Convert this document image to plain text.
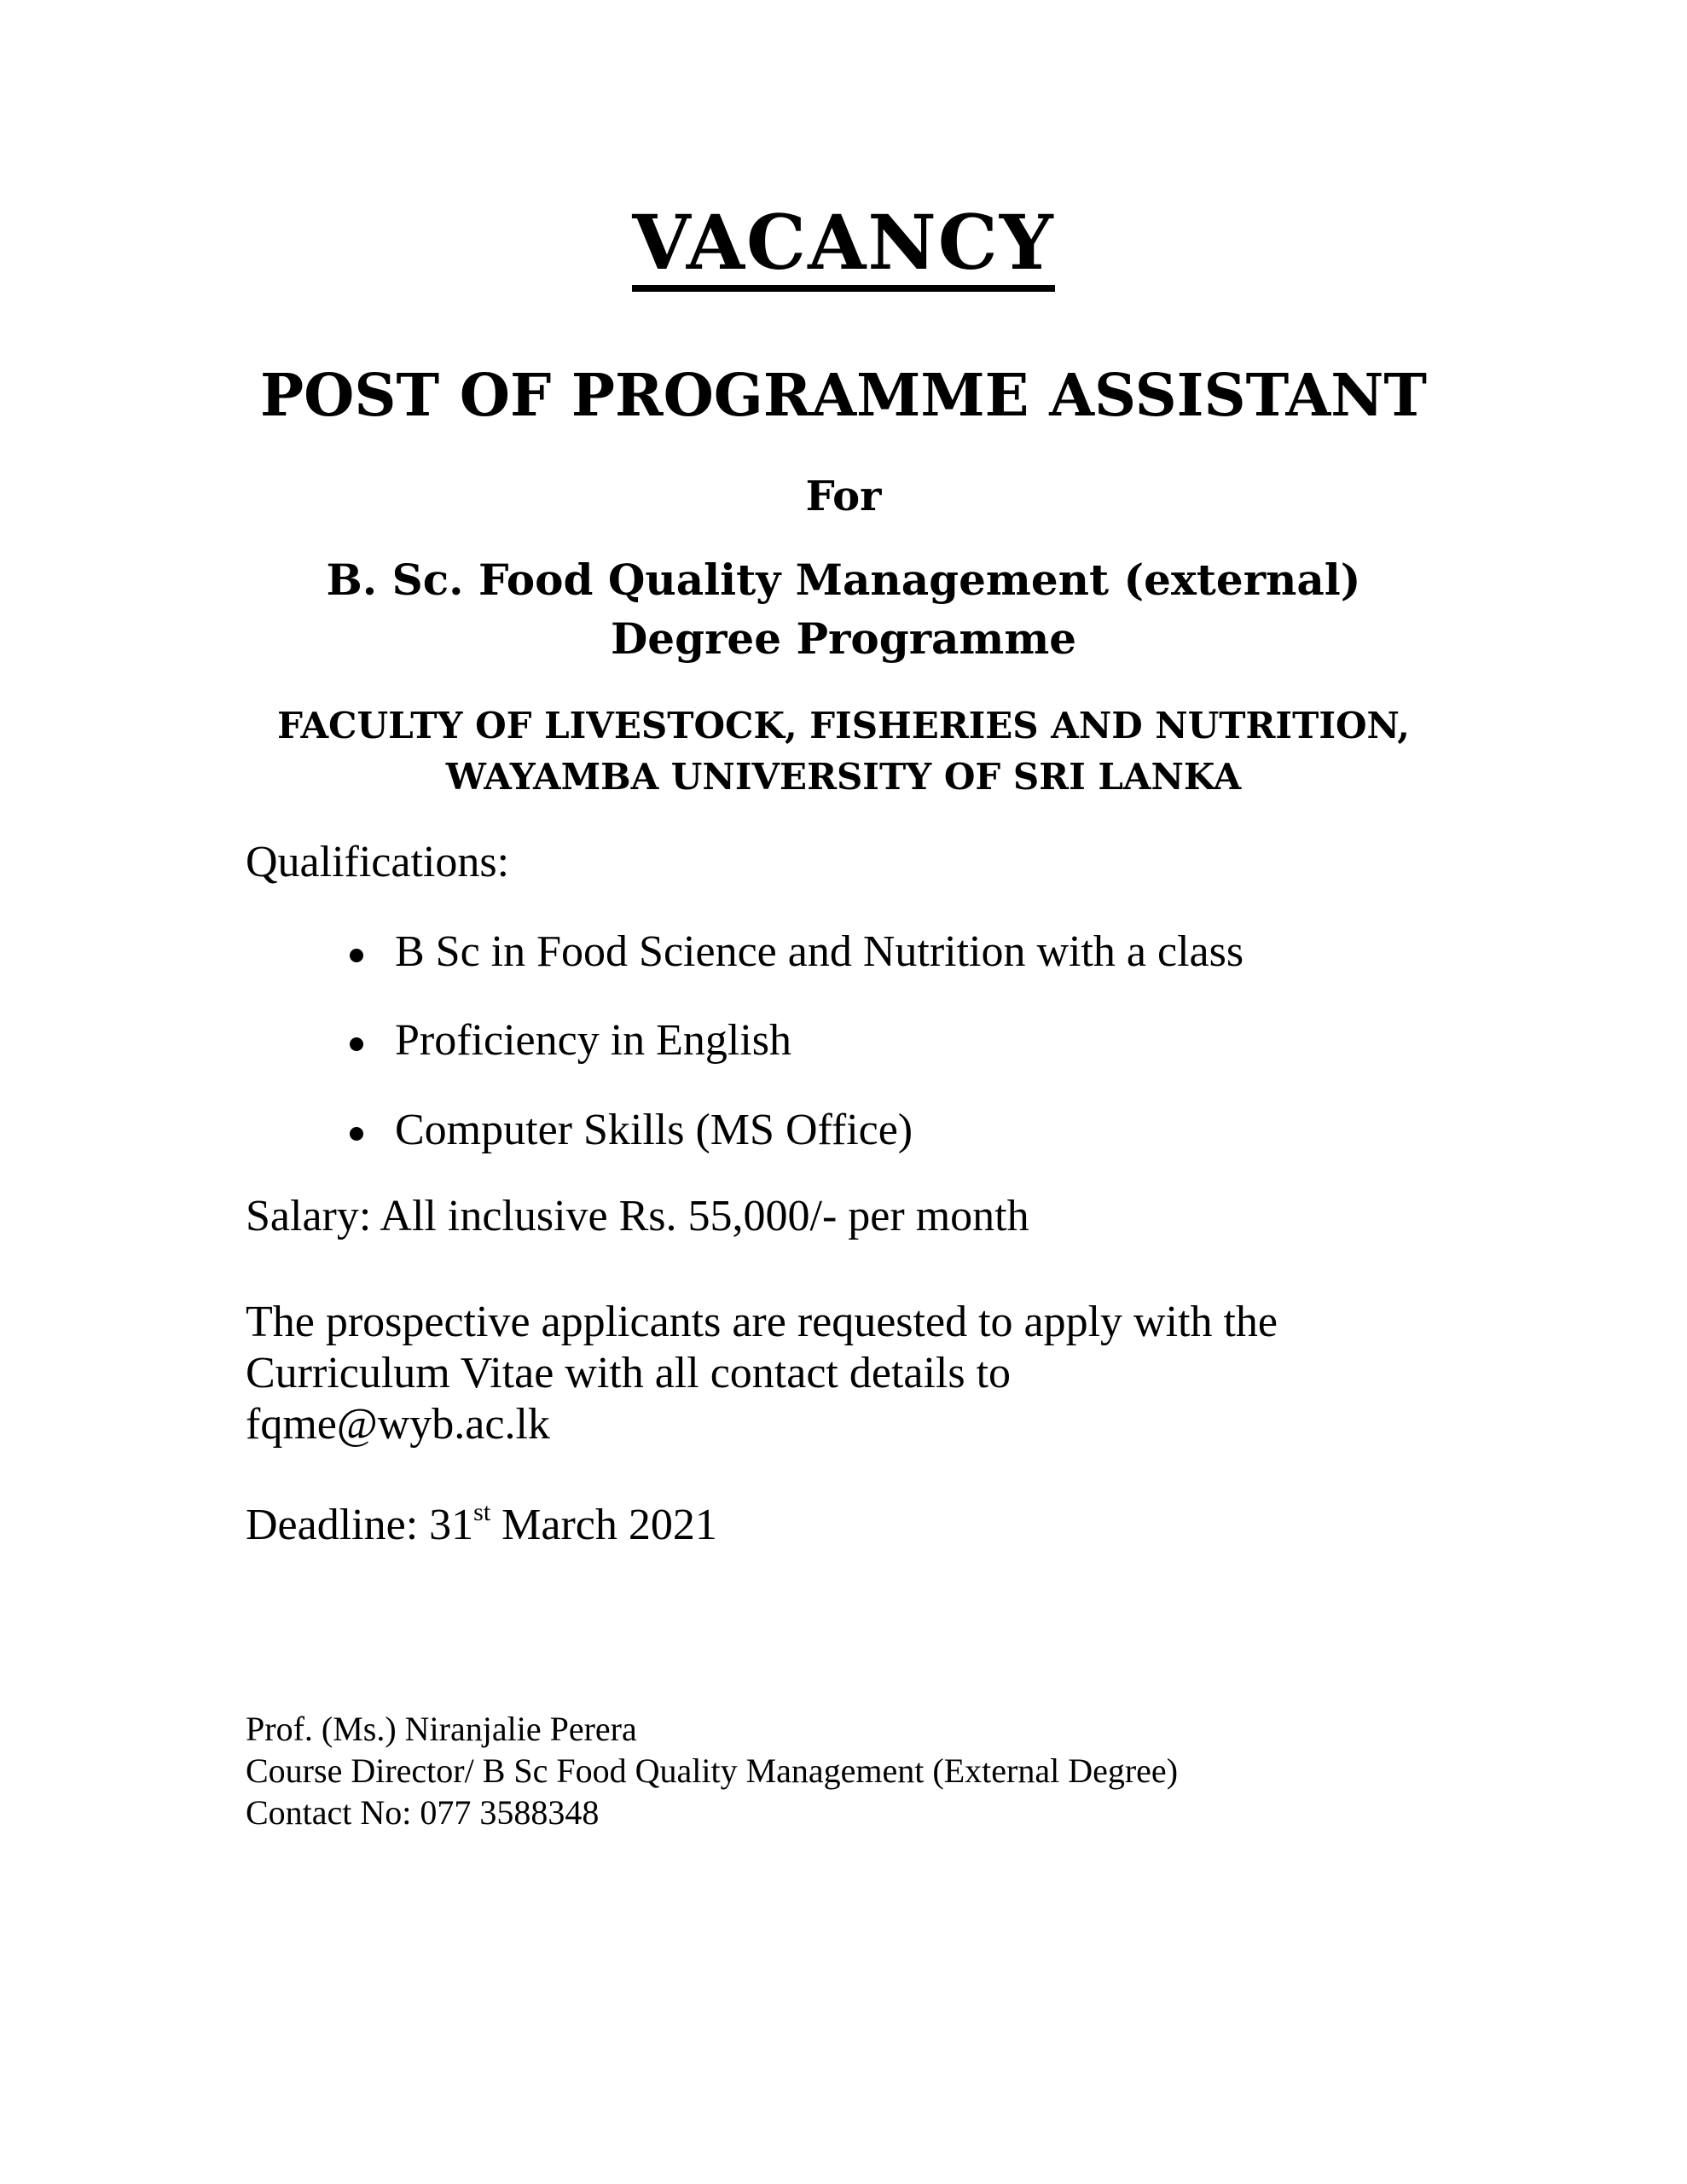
VACANCY
POST OF PROGRAMME ASSISTANT
For
B. Sc. Food Quality Management (external)
Degree Programme
FACULTY OF LIVESTOCK, FISHERIES AND NUTRITION,
WAYAMBA UNIVERSITY OF SRI LANKA
Qualifications:
B Sc in Food Science and Nutrition with a class
Proficiency in English
Computer Skills (MS Office)
Salary: All inclusive Rs. 55,000/- per month
The prospective applicants are requested to apply with the Curriculum Vitae with all contact details to
fqme@wyb.ac.lk
Deadline: 31st March 2021
Prof. (Ms.) Niranjalie Perera
Course Director/ B Sc Food Quality Management (External Degree)
Contact No: 077 3588348
